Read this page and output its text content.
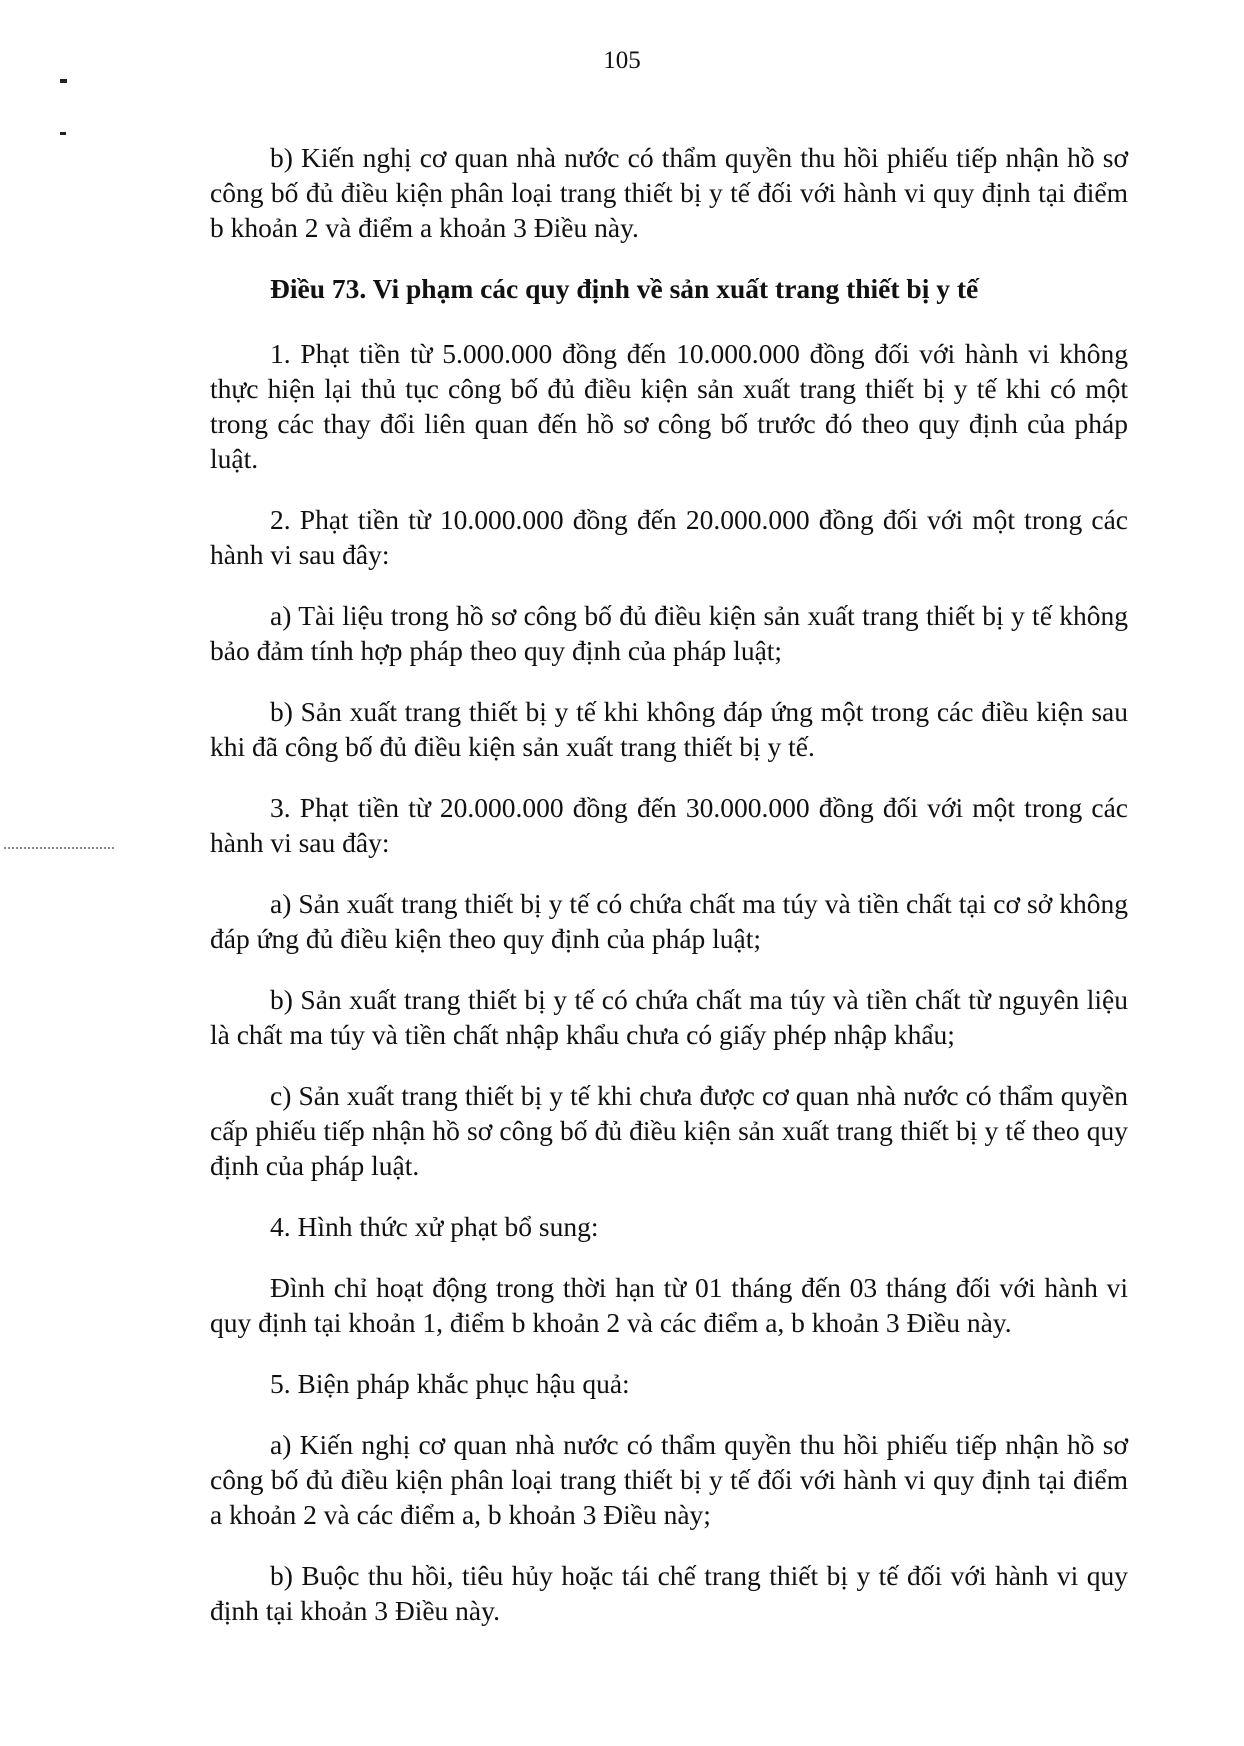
105

b) Kiến nghị cơ quan nhà nước có thẩm quyền thu hồi phiếu tiếp nhận hồ sơ công bố đủ điều kiện phân loại trang thiết bị y tế đối với hành vi quy định tại điểm b khoản 2 và điểm a khoản 3 Điều này.

Điều 73. Vi phạm các quy định về sản xuất trang thiết bị y tế

1. Phạt tiền từ 5.000.000 đồng đến 10.000.000 đồng đối với hành vi không thực hiện lại thủ tục công bố đủ điều kiện sản xuất trang thiết bị y tế khi có một trong các thay đổi liên quan đến hồ sơ công bố trước đó theo quy định của pháp luật.

2. Phạt tiền từ 10.000.000 đồng đến 20.000.000 đồng đối với một trong các hành vi sau đây:

a) Tài liệu trong hồ sơ công bố đủ điều kiện sản xuất trang thiết bị y tế không bảo đảm tính hợp pháp theo quy định của pháp luật;

b) Sản xuất trang thiết bị y tế khi không đáp ứng một trong các điều kiện sau khi đã công bố đủ điều kiện sản xuất trang thiết bị y tế.

3. Phạt tiền từ 20.000.000 đồng đến 30.000.000 đồng đối với một trong các hành vi sau đây:

a) Sản xuất trang thiết bị y tế có chứa chất ma túy và tiền chất tại cơ sở không đáp ứng đủ điều kiện theo quy định của pháp luật;

b) Sản xuất trang thiết bị y tế có chứa chất ma túy và tiền chất từ nguyên liệu là chất ma túy và tiền chất nhập khẩu chưa có giấy phép nhập khẩu;

c) Sản xuất trang thiết bị y tế khi chưa được cơ quan nhà nước có thẩm quyền cấp phiếu tiếp nhận hồ sơ công bố đủ điều kiện sản xuất trang thiết bị y tế theo quy định của pháp luật.

4. Hình thức xử phạt bổ sung:

Đình chỉ hoạt động trong thời hạn từ 01 tháng đến 03 tháng đối với hành vi quy định tại khoản 1, điểm b khoản 2 và các điểm a, b khoản 3 Điều này.

5. Biện pháp khắc phục hậu quả:

a) Kiến nghị cơ quan nhà nước có thẩm quyền thu hồi phiếu tiếp nhận hồ sơ công bố đủ điều kiện phân loại trang thiết bị y tế đối với hành vi quy định tại điểm a khoản 2 và các điểm a, b khoản 3 Điều này;

b) Buộc thu hồi, tiêu hủy hoặc tái chế trang thiết bị y tế đối với hành vi quy định tại khoản 3 Điều này.
